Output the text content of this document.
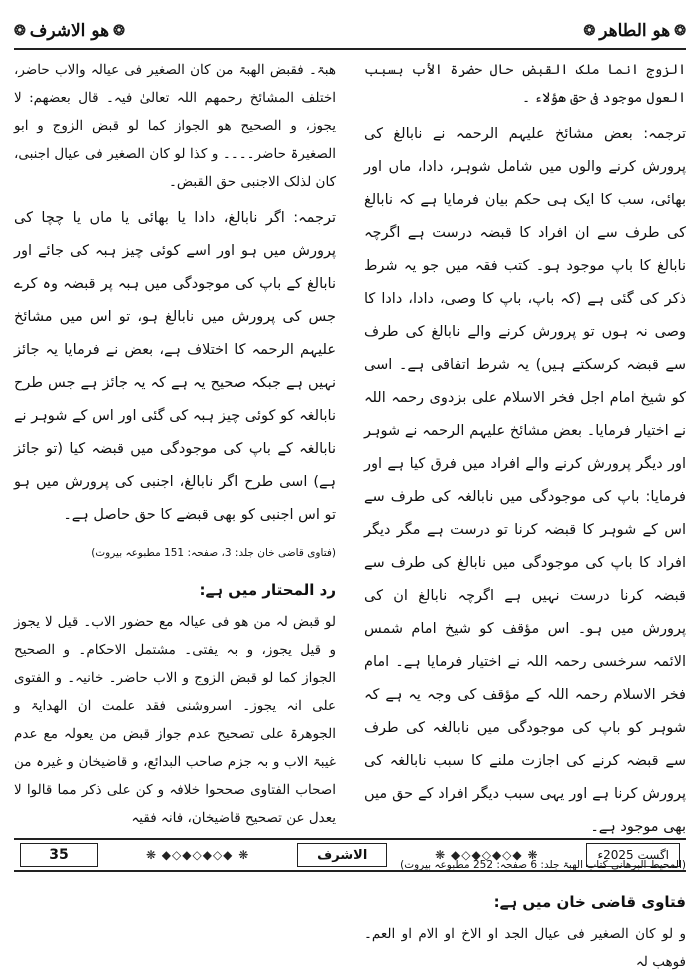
❂
ھو الاشرف
❂	❂
ھو الطاھر
❂

الزوج انما ملک القبض حال حضرة الأب بسبب العول موجود فی حق ھؤلاء ۔

ترجمہ: بعض مشائخ علیہم الرحمہ نے نابالغ کی پرورش کرنے والوں میں شامل شوہر، دادا، ماں اور بھائی، سب کا ایک ہی حکم بیان فرمایا ہے کہ نابالغ کی طرف سے ان افراد کا قبضہ درست ہے اگرچہ نابالغ کا باپ موجود ہو۔ کتب فقہ میں جو یہ شرط ذکر کی گئی ہے (کہ باپ، باپ کا وصی، دادا، دادا کا وصی نہ ہوں تو پرورش کرنے والے نابالغ کی طرف سے قبضہ کرسکتے ہیں) یہ شرط اتفاقی ہے۔ اسی کو شیخ امام اجل فخر الاسلام علی بزدوی رحمہ اللہ نے اختیار فرمایا۔ بعض مشائخ علیہم الرحمہ نے شوہر اور دیگر پرورش کرنے والے افراد میں فرق کیا ہے اور فرمایا: باپ کی موجودگی میں نابالغہ کی طرف سے اس کے شوہر کا قبضہ کرنا تو درست ہے مگر دیگر افراد کا باپ کی موجودگی میں نابالغ کی طرف سے قبضہ کرنا درست نہیں ہے اگرچہ نابالغ ان کی پرورش میں ہو۔ اس مؤقف کو شیخ امام شمس الائمہ سرخسی رحمہ اللہ نے اختیار فرمایا ہے۔ امام فخر الاسلام رحمہ اللہ کے مؤقف کی وجہ یہ ہے کہ شوہر کو باپ کی موجودگی میں نابالغہ کی طرف سے قبضہ کرنے کی اجازت ملنے کا سبب نابالغہ کی پرورش کرنا ہے اور یہی سبب دیگر افراد کے حق میں بھی موجود ہے۔

(المحیط البرھانی کتاب الھبۃ جلد: 6 صفحہ: 252 مطبوعہ بیروت)

فتاوی قاضی خان میں ہے:

و لو کان الصغیر فی عیال الجد او الاخ او الام او العم۔ فوھب لہ

ھبۃ۔ فقبض الھبۃ من کان الصغیر فی عیالہ والاب حاضر، اختلف المشائخ رحمھم اللہ تعالیٰ فیہ۔ قال بعضھم: لا یجوز، و الصحیح ھو الجواز کما لو قبض الزوج و ابو الصغیرۃ حاضر۔۔۔۔ و کذا لو کان الصغیر فی عیال اجنبی، کان لذلک الاجنبی حق القبض۔

ترجمہ: اگر نابالغ، دادا یا بھائی یا ماں یا چچا کی پرورش میں ہو اور اسے کوئی چیز ہبہ کی جائے اور نابالغ کے باپ کی موجودگی میں ہبہ پر قبضہ وہ کرے جس کی پرورش میں نابالغ ہو، تو اس میں مشائخ علیہم الرحمہ کا اختلاف ہے، بعض نے فرمایا یہ جائز نہیں ہے جبکہ صحیح یہ ہے کہ یہ جائز ہے جس طرح نابالغہ کو کوئی چیز ہبہ کی گئی اور اس کے شوہر نے نابالغہ کے باپ کی موجودگی میں قبضہ کیا (تو جائز ہے) اسی طرح اگر نابالغ، اجنبی کی پرورش میں ہو تو اس اجنبی کو بھی قبضے کا حق حاصل ہے۔

(فتاوی قاضی خان جلد: 3، صفحہ: 151 مطبوعہ بیروت)

رد المحتار میں ہے:

لو قبض لہ من ھو فی عیالہ مع حضور الاب۔ قیل لا یجوز و قیل یجوز، و بہ یفتی۔ مشتمل الاحکام۔ و الصحیح الجواز کما لو قبض الزوج و الاب حاضر۔ خانیہ۔ و الفتوی علی انہ یجوز۔ اسروشنی فقد علمت ان الھدایۃ و الجوھرۃ علی تصحیح عدم جواز قبض من یعولہ مع عدم غیبۃ الاب و بہ جزم صاحب البدائع، و قاضیخان و غیرہ من اصحاب الفتاوی صححوا خلافہ و کن علی ذکر مما قالوا لا یعدل عن تصحیح قاضیخان، فانہ فقیہ

35	❋ ◆◇◆◇◆◇◆ ❋	الاشرف	❋ ◆◇◆◇◆◇◆ ❋	اگست 2025ء
